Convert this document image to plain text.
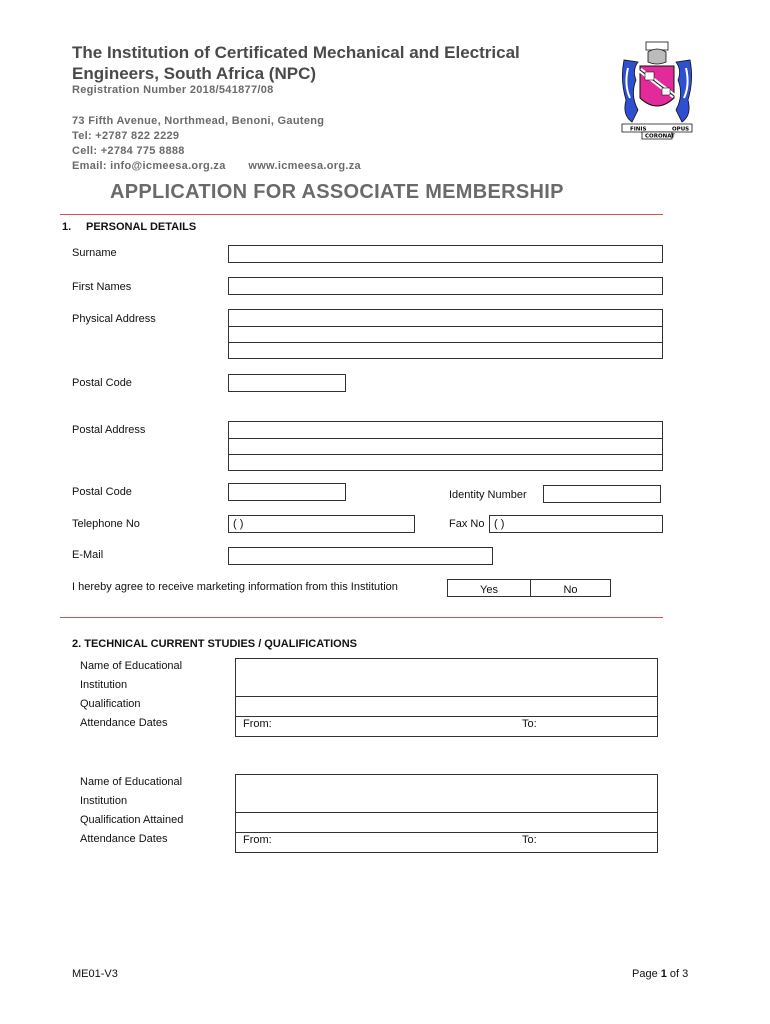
The Institution of Certificated Mechanical and Electrical
Engineers, South Africa (NPC)
Registration Number 2018/541877/08
73 Fifth Avenue, Northmead, Benoni, Gauteng
Tel: +2787 822 2229
Cell: +2784 775 8888
Email: info@icmeesa.org.za www.icmeesa.org.za
FINIS	OPUS
CORONAT
APPLICATION FOR ASSOCIATE MEMBERSHIP
1. PERSONAL DETAILS
Surname
First Names
Physical Address
Postal Code
Postal Address
Postal Code	Identity Number
Telephone No	( )	Fax No ( )
E-Mail
I hereby agree to receive marketing information from this Institution	Yes	No
2. TECHNICAL CURRENT STUDIES / QUALIFICATIONS
Name of Educational
Institution
Qualification
Attendance Dates	From:	To:
Name of Educational
Institution
Qualification Attained
Attendance Dates	From:	To:
ME01-V3	Page 1 of 3
